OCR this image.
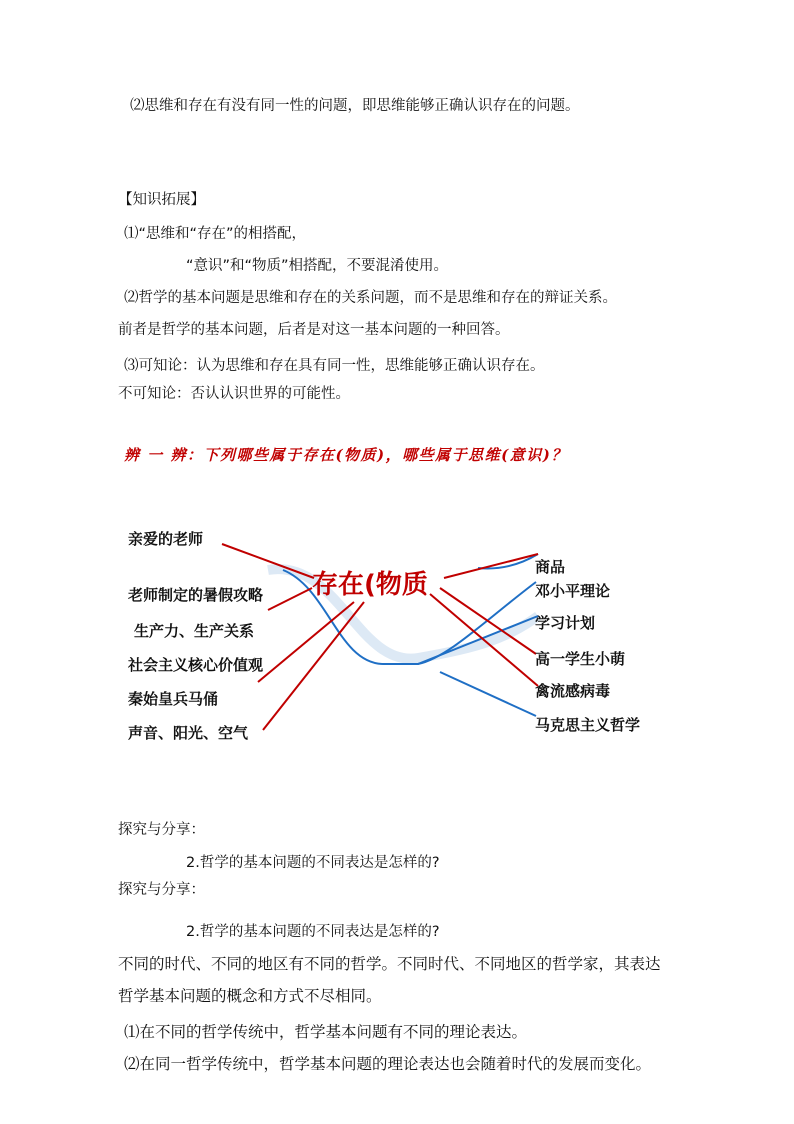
⑵思维和存在有没有同一性的问题，即思维能够正确认识存在的问题。
【知识拓展】
⑴“思维和“存在”的相搭配，
“意识”和“物质”相搭配，不要混淆使用。
⑵哲学的基本问题是思维和存在的关系问题，而不是思维和存在的辩证关系。
前者是哲学的基本问题，后者是对这一基本问题的一种回答。
⑶可知论：认为思维和存在具有同一性，思维能够正确认识存在。
不可知论：否认认识世界的可能性。
辨 一 辨：下列哪些属于存在(物质)，哪些属于思维(意识)？
亲爱的老师
老师制定的暑假攻略
生产力、生产关系
社会主义核心价值观
秦始皇兵马俑
声音、阳光、空气
存在(物质
商品
邓小平理论
学习计划
高一学生小萌
禽流感病毒
马克思主义哲学
探究与分享：
2.哲学的基本问题的不同表达是怎样的?
探究与分享：
2.哲学的基本问题的不同表达是怎样的?
不同的时代、不同的地区有不同的哲学。不同时代、不同地区的哲学家，其表达
哲学基本问题的概念和方式不尽相同。
⑴在不同的哲学传统中，哲学基本问题有不同的理论表达。
⑵在同一哲学传统中，哲学基本问题的理论表达也会随着时代的发展而变化。
